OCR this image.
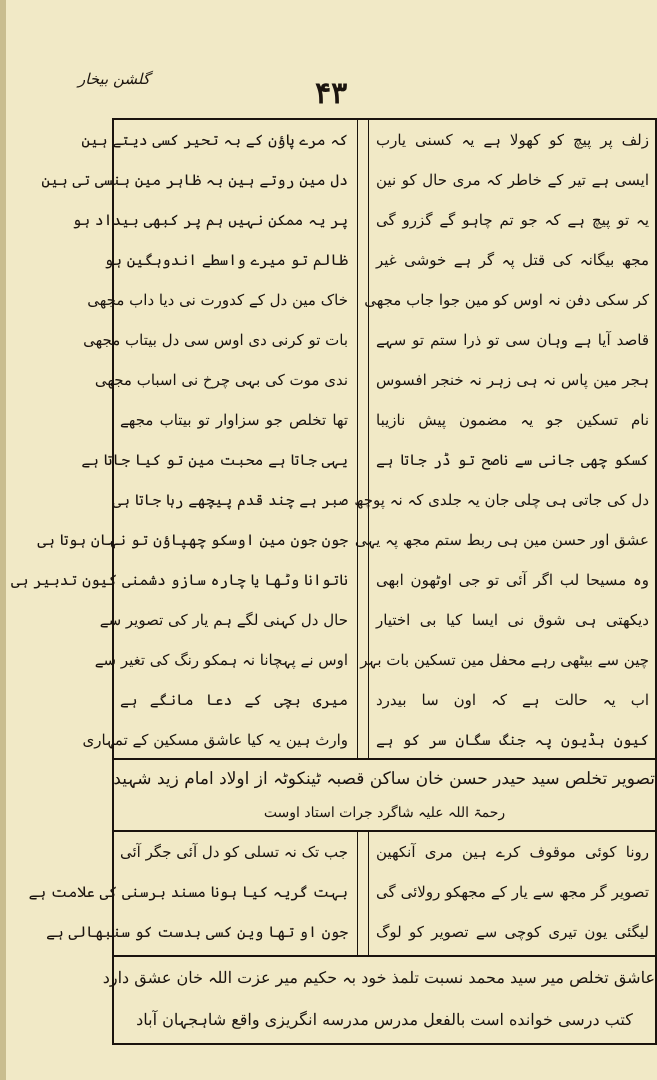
گلشن بیخار	۴۳
زلف پر پیچ کو کھولا ہے یہ کسنی یارب
ایسی ہے تیر کے خاطر کہ مری حال کو نین
یہ تو پیچ ہے کہ جو تم چاہو گے گزرو گی
مجھ بیگانہ کی قتل پہ گر ہے خوشی غیر
کر سکی دفن نہ اوس کو مین جوا جاب مجھی
قاصد آیا ہے وہان سی تو ذرا ستم تو سہے
ہجر مین پاس نہ ہی زہر نہ خنجر افسوس
نام تسکین جو یہ مضمون پیش نازیبا
کسکو چھی جانی سے ناصح تو ڈر جاتا ہے
دل کی جاتی ہی چلی جان یہ جلدی کہ نہ پوچھ
عشق اور حسن مین ہی ربط ستم مجھ پہ یہی
وہ مسیحا لب اگر آئی تو جی اوٹھون ابھی
دیکھتی ہی شوق نی ایسا کیا بی اختیار
چین سے بیٹھی رہے محفل مین تسکین بات بہر
اب یہ حالت ہے کہ اون سا بیدرد
کیون ہڈیون پہ جنگ سگان سر کو ہے
کہ مرے پاؤن کے بہ تحیر کسی دیتے ہین
دل مین روتے ہین بہ ظاہر مین ہنسی تی ہین
پر یہ ممکن نہیں ہم پر کبھی بیداد ہو
ظالم تو میرے واسطے اندوہگین ہو
خاک مین دل کے کدورت نی دیا داب مجھی
بات تو کرنی دی اوس سی دل بیتاب مجھی
ندی موت کی بہی چرخ نی اسباب مجھی
تھا تخلص جو سزاوار تو بیتاب مجھے
یہی جاتا ہے محبت مین تو کیا جاتا ہے
صبر ہے چند قدم پیچھے رہا جاتا ہی
جون جون مین اوسکو چھپاؤن تو نہان ہوتا ہی
ناتوانا وٹھا یا چارہ سازو دشمنی کیون تدبیر ہی
حال دل کہنی لگے ہم یار کی تصویر سے
اوس نے پہچانا نہ ہمکو رنگ کی تغیر سے
میری بچی کے دعا مانگے ہے
وارث ہین یہ کیا عاشق مسکین کے تمہاری
تصویر تخلص سید حیدر حسن خان ساکن قصبہ ٹینکوٹہ از اولاد امام زید شہید
رحمۃ اللہ علیہ شاگرد جرات استاد اوست
رونا کوئی موقوف کرے ہین مری آنکھین
تصویر گر مجھ سے یار کے مجھکو رولائی گی
لیگئی یون تیری کوچی سے تصویر کو لوگ
جب تک نہ تسلی کو دل آئی جگر آئی
بہت گریہ کیا ہونا مسند برسنی کی علامت ہے
جون او تھا وین کسی بدست کو سنبھالی ہے
عاشق تخلص میر سید محمد نسبت تلمذ خود بہ حکیم میر عزت اللہ خان عشق دارد
کتب درسی خوانده است بالفعل مدرس مدرسه انگریزی واقع شاہجہان آباد
